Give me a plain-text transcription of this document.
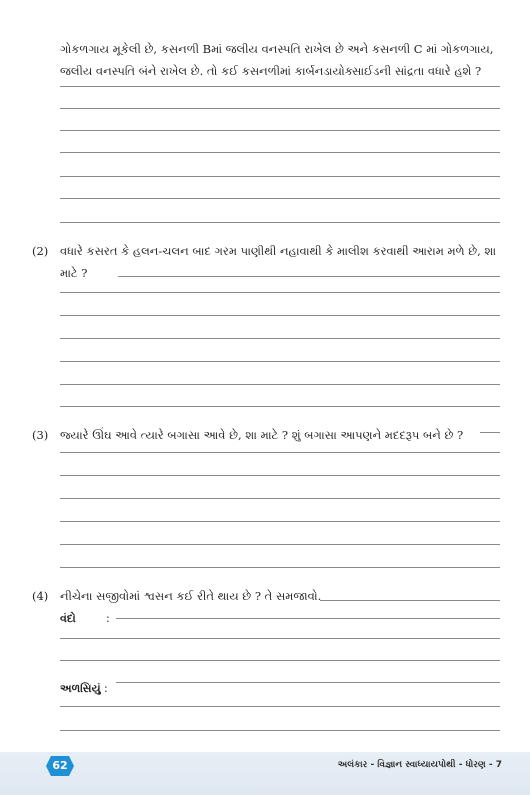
ગોકળગાય મૂકેલી છે, કસનળી Bમાં જલીય વનસ્પતિ રાખેલ છે અને કસનળી C માં ગોકળગાય, જલીય વનસ્પતિ બંને રાખેલ છે. તો કઈ કસનળીમાં કાર્બનડાયોક્સાઈડની સાંદ્રતા વધારે હશે ?
(2) વધારે કસરત કે હલન-ચલન બાદ ગરમ પાણીથી નહાવાથી કે માલીશ કરવાથી આરામ મળે છે, શા માટે ?
(3) જ્યારે ઊંઘ આવે ત્યારે બગાસા આવે છે, શા માટે ? શું બગાસા આપણને મદદરૂપ બને છે ?
(4) નીચેના સજીવોમાં શ્વસન કઈ રીતે થાય છે ? તે સમજાવો.
વંદો	:
અળસિયું :
62	અલંકાર - વિજ્ઞાન સ્વાધ્યાયપોથી - ધોરણ - 7
